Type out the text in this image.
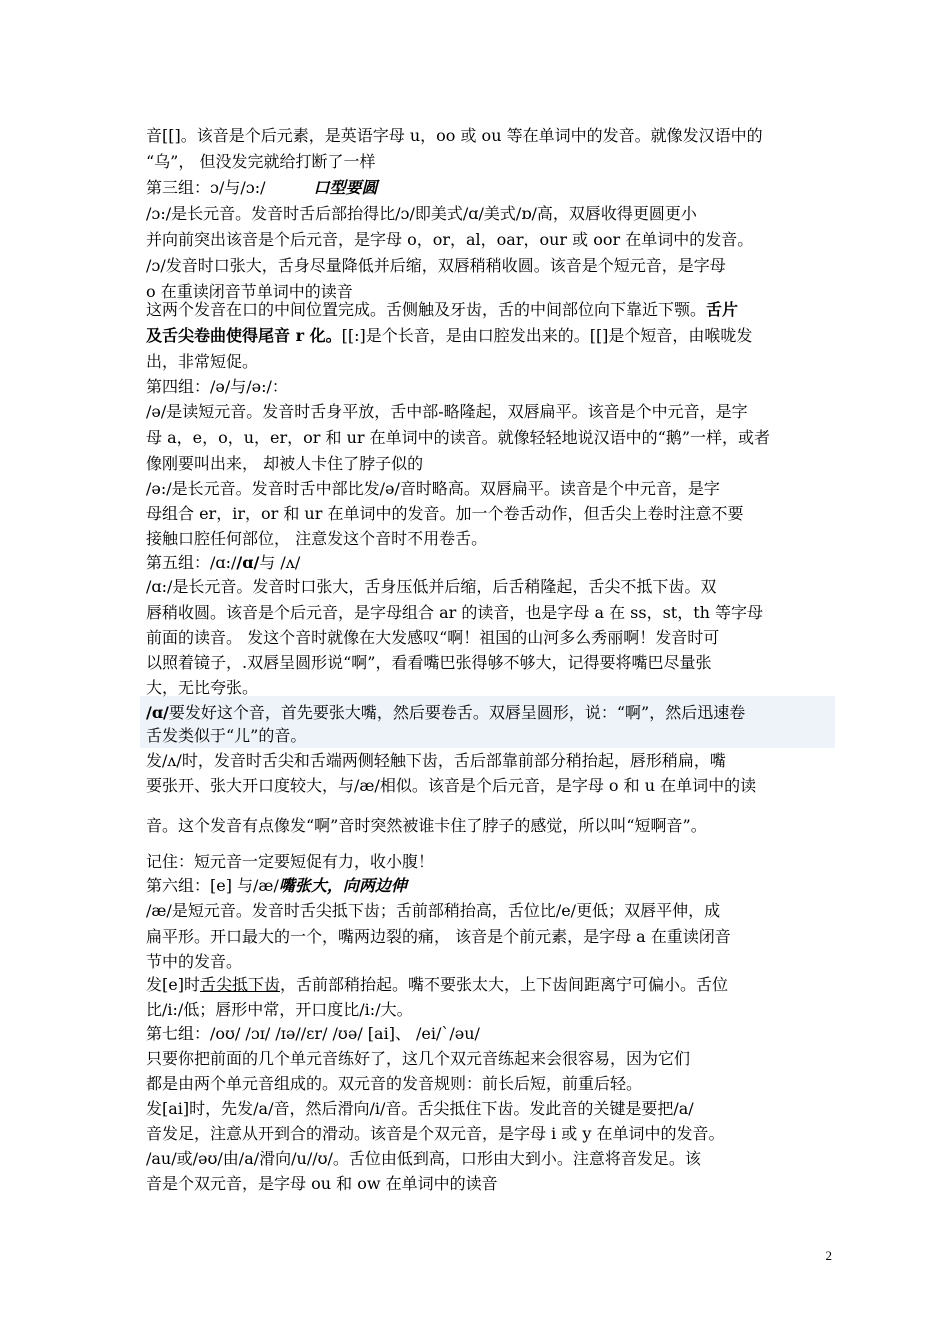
音[[]。该音是个后元素，是英语字母 u，oo 或 ou 等在单词中的发音。就像发汉语中的
“乌”， 但没发完就给打断了一样
第三组：ɔ/与/ɔ:/	口型要圆
/ɔ:/是长元音。发音时舌后部抬得比/ɔ/即美式/ɑ/美式/ɒ/高，双唇收得更圆更小
并向前突出该音是个后元音，是字母 o，or，al，oar，our 或 oor 在单词中的发音。
/ɔ/发音时口张大，舌身尽量降低并后缩，双唇稍稍收圆。该音是个短元音，是字母
o 在重读闭音节单词中的读音
这两个发音在口的中间位置完成。舌侧触及牙齿，舌的中间部位向下靠近下颚。舌片
及舌尖卷曲使得尾音 r 化。[[:]是个长音，是由口腔发出来的。[[]是个短音，由喉咙发
出，非常短促。
第四组：/ə/与/ə:/：
/ə/是读短元音。发音时舌身平放，舌中部-略隆起，双唇扁平。该音是个中元音，是字
母 a，e，o，u，er，or 和 ur 在单词中的读音。就像轻轻地说汉语中的“鹅”一样，或者
像刚要叫出来， 却被人卡住了脖子似的
/ə:/是长元音。发音时舌中部比发/ə/音时略高。双唇扁平。读音是个中元音，是字
母组合 er，ir，or 和 ur 在单词中的发音。加一个卷舌动作，但舌尖上卷时注意不要
接触口腔任何部位， 注意发这个音时不用卷舌。
第五组：/ɑ://ɑ/与 /ʌ/
/ɑ:/是长元音。发音时口张大，舌身压低并后缩，后舌稍隆起，舌尖不抵下齿。双
唇稍收圆。该音是个后元音，是字母组合 ar 的读音，也是字母 a 在 ss，st，th 等字母
前面的读音。 发这个音时就像在大发感叹“啊！祖国的山河多么秀丽啊！发音时可
以照着镜子，.双唇呈圆形说“啊”，看看嘴巴张得够不够大，记得要将嘴巴尽量张
大，无比夸张。
/ɑ/要发好这个音，首先要张大嘴，然后要卷舌。双唇呈圆形，说：“啊”，然后迅速卷
舌发类似于“儿”的音。
发/ʌ/时，发音时舌尖和舌端两侧轻触下齿，舌后部靠前部分稍抬起，唇形稍扁，嘴
要张开、张大开口度较大，与/æ/相似。该音是个后元音，是字母 o 和 u 在单词中的读
音。这个发音有点像发“啊”音时突然被谁卡住了脖子的感觉，所以叫“短啊音”。
记住：短元音一定要短促有力，收小腹！
第六组：[e] 与/æ/嘴张大，向两边伸
/æ/是短元音。发音时舌尖抵下齿；舌前部稍抬高，舌位比/e/更低；双唇平伸，成
扁平形。开口最大的一个，嘴两边裂的痛， 该音是个前元素，是字母 a 在重读闭音
节中的发音。
发[e]时舌尖抵下齿，舌前部稍抬起。嘴不要张太大，上下齿间距离宁可偏小。舌位
比/i:/低；唇形中常，开口度比/i:/大。
第七组：/oʊ/ /ɔɪ/ /ɪə//ɛr/ /ʊə/ [ai]、 /ei/`/əu/
只要你把前面的几个单元音练好了，这几个双元音练起来会很容易，因为它们
都是由两个单元音组成的。双元音的发音规则：前长后短，前重后轻。
发[ai]时，先发/a/音，然后滑向/i/音。舌尖抵住下齿。发此音的关键是要把/a/
音发足，注意从开到合的滑动。该音是个双元音，是字母 i 或 y 在单词中的发音。
/au/或/əʊ/由/a/滑向/u//ʊ/。舌位由低到高，口形由大到小。注意将音发足。该
音是个双元音，是字母 ou 和 ow 在单词中的读音
2
